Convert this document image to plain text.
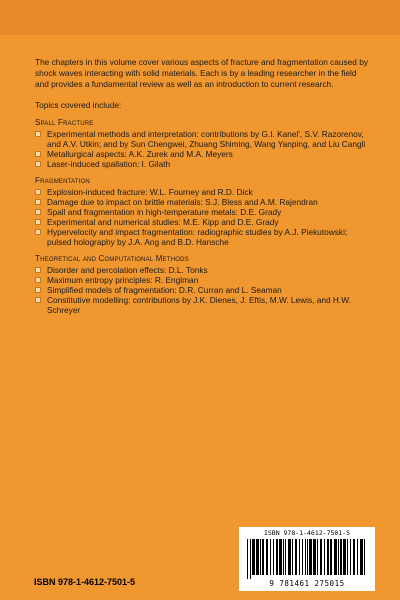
The chapters in this volume cover various aspects of fracture and fragmentation caused by shock waves interacting with solid materials. Each is by a leading researcher in the field and provides a fundamental review as well as an introduction to current research.

Topics covered include:

Spall Fracture
Experimental methods and interpretation: contributions by G.I. Kanel', S.V. Razorenov, and A.V. Utkin; and by Sun Chengwei, Zhuang Shiming, Wang Yanping, and Liu Cangli
Metallurgical aspects: A.K. Zurek and M.A. Meyers
Laser-induced spallation: I. Gilath
Fragmentation
Explosion-induced fracture: W.L. Fourney and R.D. Dick
Damage due to impact on brittle materials: S.J. Bless and A.M. Rajendran
Spall and fragmentation in high-temperature metals: D.E. Grady
Experimental and numerical studies: M.E. Kipp and D.E. Grady
Hypervelocity and impact fragmentation: radiographic studies by A.J. Piekutowski; pulsed holography by J.A. Ang and B.D. Hansche
Theoretical and Computational Methods
Disorder and percolation effects: D.L. Tonks
Maximum entropy principles: R. Englman
Simplified models of fragmentation: D.R. Curran and L. Seaman
Constitutive modelling: contributions by J.K. Dienes, J. Eftis, M.W. Lewis, and H.W. Schreyer
ISBN 978-1-4612-7501-5
9 781461 275015
ISBN 978-1-4612-7501-5
